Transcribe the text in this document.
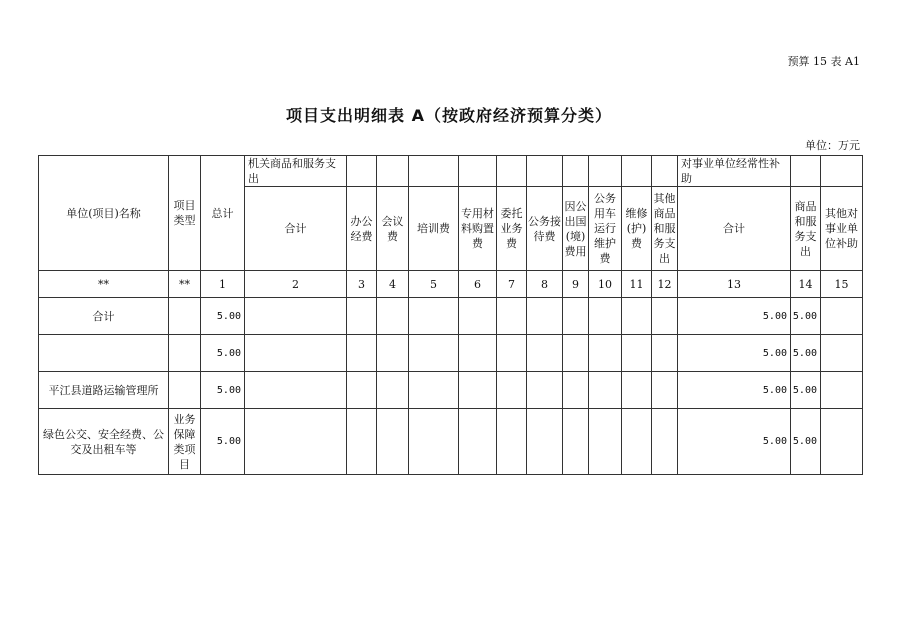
预算 15 表 A1
项目支出明细表 A（按政府经济预算分类）
单位：万元
单位(项目)名称	项目类型	总计	机关商品和服务支出											对事业单位经常性补助		
			合计	办公经费	会议费	培训费	专用材料购置费	委托业务费	公务接待费	因公出国(境)费用	公务用车运行维护费	维修(护)费	其他商品和服务支出	合计	商品和服务支出	其他对事业单位补助
**	**	1	2	3	4	5	6	7	8	9	10	11	12	13	14	15
合计		5.00												5.00	5.00	
		5.00												5.00	5.00	
平江县道路运输管理所		5.00												5.00	5.00	
绿色公交、安全经费、公交及出租车等	业务保障类项目	5.00												5.00	5.00	
